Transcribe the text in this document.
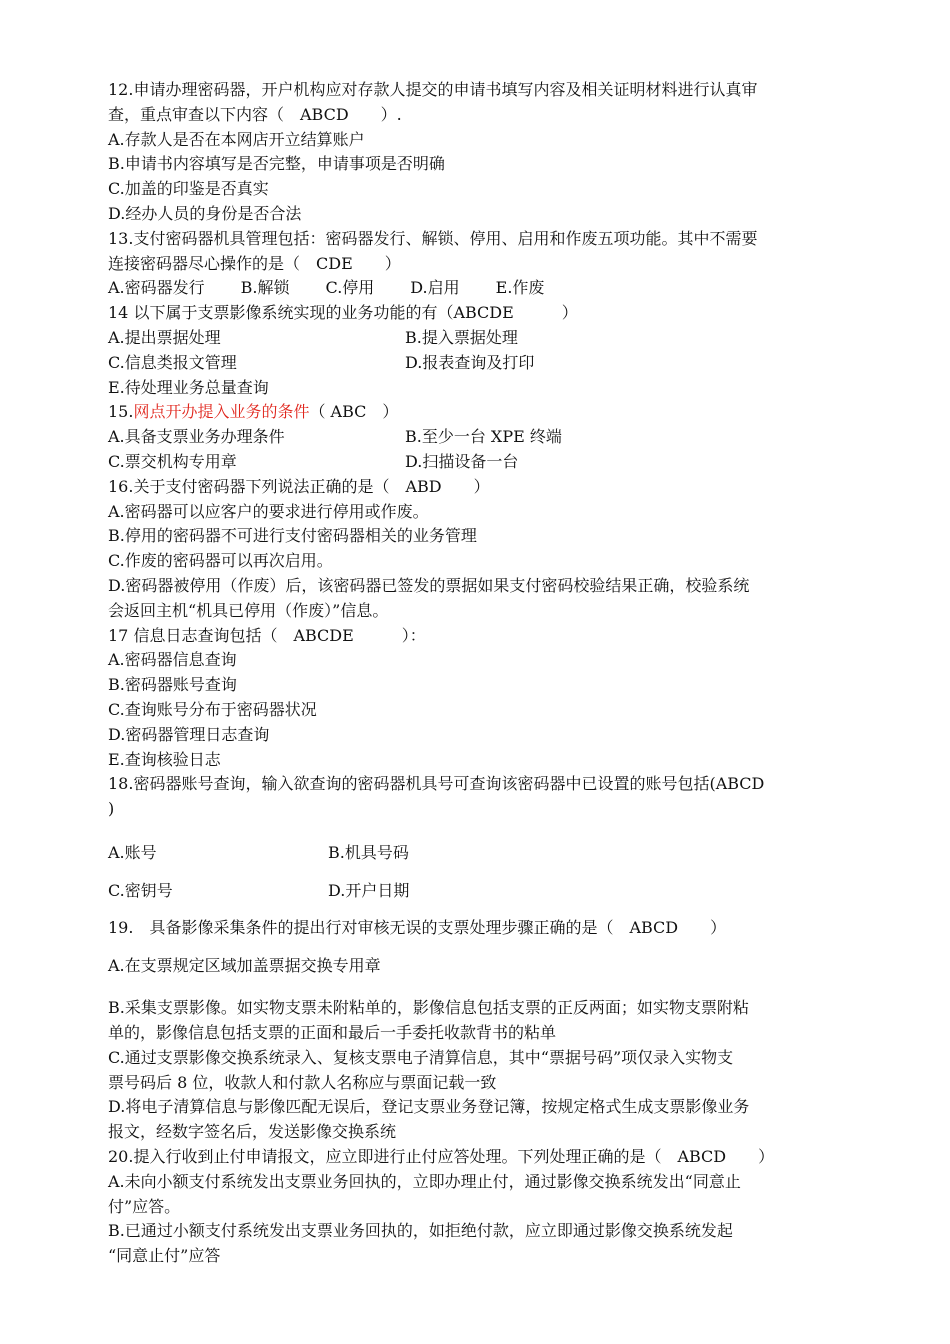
12.申请办理密码器，开户机构应对存款人提交的申请书填写内容及相关证明材料进行认真审
查，重点审查以下内容（　ABCD　　）.
A.存款人是否在本网店开立结算账户
B.申请书内容填写是否完整，申请事项是否明确
C.加盖的印鉴是否真实
D.经办人员的身份是否合法
13.支付密码器机具管理包括：密码器发行、解锁、停用、启用和作废五项功能。其中不需要
连接密码器尽心操作的是（　CDE　　）
A.密码器发行 B.解锁 C.停用 D.启用 E.作废
14 以下属于支票影像系统实现的业务功能的有（ABCDE　　　）
A.提出票据处理	B.提入票据处理
C.信息类报文管理	D.报表查询及打印
E.待处理业务总量查询
15.网点开办提入业务的条件（ ABC　）
A.具备支票业务办理条件	B.至少一台 XPE 终端
C.票交机构专用章	D.扫描设备一台
16.关于支付密码器下列说法正确的是（　ABD　　）
A.密码器可以应客户的要求进行停用或作废。
B.停用的密码器不可进行支付密码器相关的业务管理
C.作废的密码器可以再次启用。
D.密码器被停用（作废）后，该密码器已签发的票据如果支付密码校验结果正确，校验系统
会返回主机“机具已停用（作废）”信息。
17 信息日志查询包括（　ABCDE　　　）：
A.密码器信息查询
B.密码器账号查询
C.查询账号分布于密码器状况
D.密码器管理日志查询
E.查询核验日志
18.密码器账号查询，输入欲查询的密码器机具号可查询该密码器中已设置的账号包括(ABCD
)
A.账号	B.机具号码
C.密钥号	D.开户日期
19.　具备影像采集条件的提出行对审核无误的支票处理步骤正确的是（　ABCD　　）
A.在支票规定区域加盖票据交换专用章
B.采集支票影像。如实物支票未附粘单的，影像信息包括支票的正反两面；如实物支票附粘
单的，影像信息包括支票的正面和最后一手委托收款背书的粘单
C.通过支票影像交换系统录入、复核支票电子清算信息，其中“票据号码”项仅录入实物支
票号码后 8 位，收款人和付款人名称应与票面记载一致
D.将电子清算信息与影像匹配无误后，登记支票业务登记簿，按规定格式生成支票影像业务
报文，经数字签名后，发送影像交换系统
20.提入行收到止付申请报文，应立即进行止付应答处理。下列处理正确的是（　ABCD　　）
A.未向小额支付系统发出支票业务回执的，立即办理止付，通过影像交换系统发出“同意止
付”应答。
B.已通过小额支付系统发出支票业务回执的，如拒绝付款，应立即通过影像交换系统发起
“同意止付”应答
